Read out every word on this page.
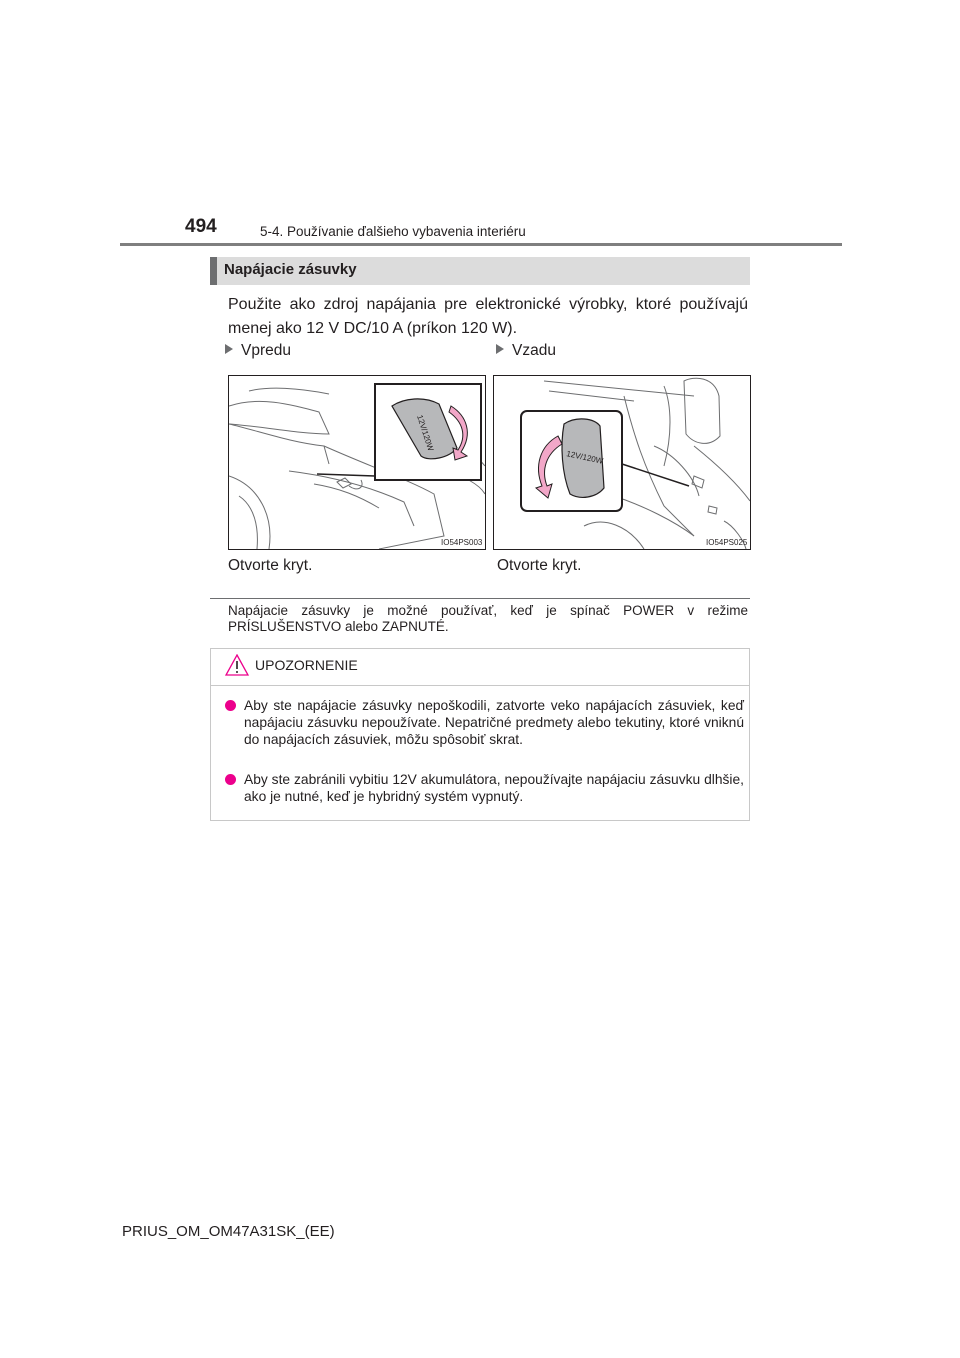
494	5-4. Používanie ďalšieho vybavenia interiéru
Napájacie zásuvky
Použite ako zdroj napájania pre elektronické výrobky, ktoré používajú menej ako 12 V DC/10 A (príkon 120 W).
Vpredu
12V/120W
IO54PS003
Otvorte kryt.
Vzadu
12V/120W
IO54PS025
Otvorte kryt.
Napájacie zásuvky je možné používať, keď je spínač POWER v režime PRÍSLUŠENSTVO alebo ZAPNUTÉ.
UPOZORNENIE
Aby ste napájacie zásuvky nepoškodili, zatvorte veko napájacích zásuviek, keď napájaciu zásuvku nepoužívate. Nepatričné predmety alebo tekutiny, ktoré vniknú do napájacích zásuviek, môžu spôsobiť skrat.
Aby ste zabránili vybitiu 12V akumulátora, nepoužívajte napájaciu zásuvku dlhšie, ako je nutné, keď je hybridný systém vypnutý.
PRIUS_OM_OM47A31SK_(EE)
